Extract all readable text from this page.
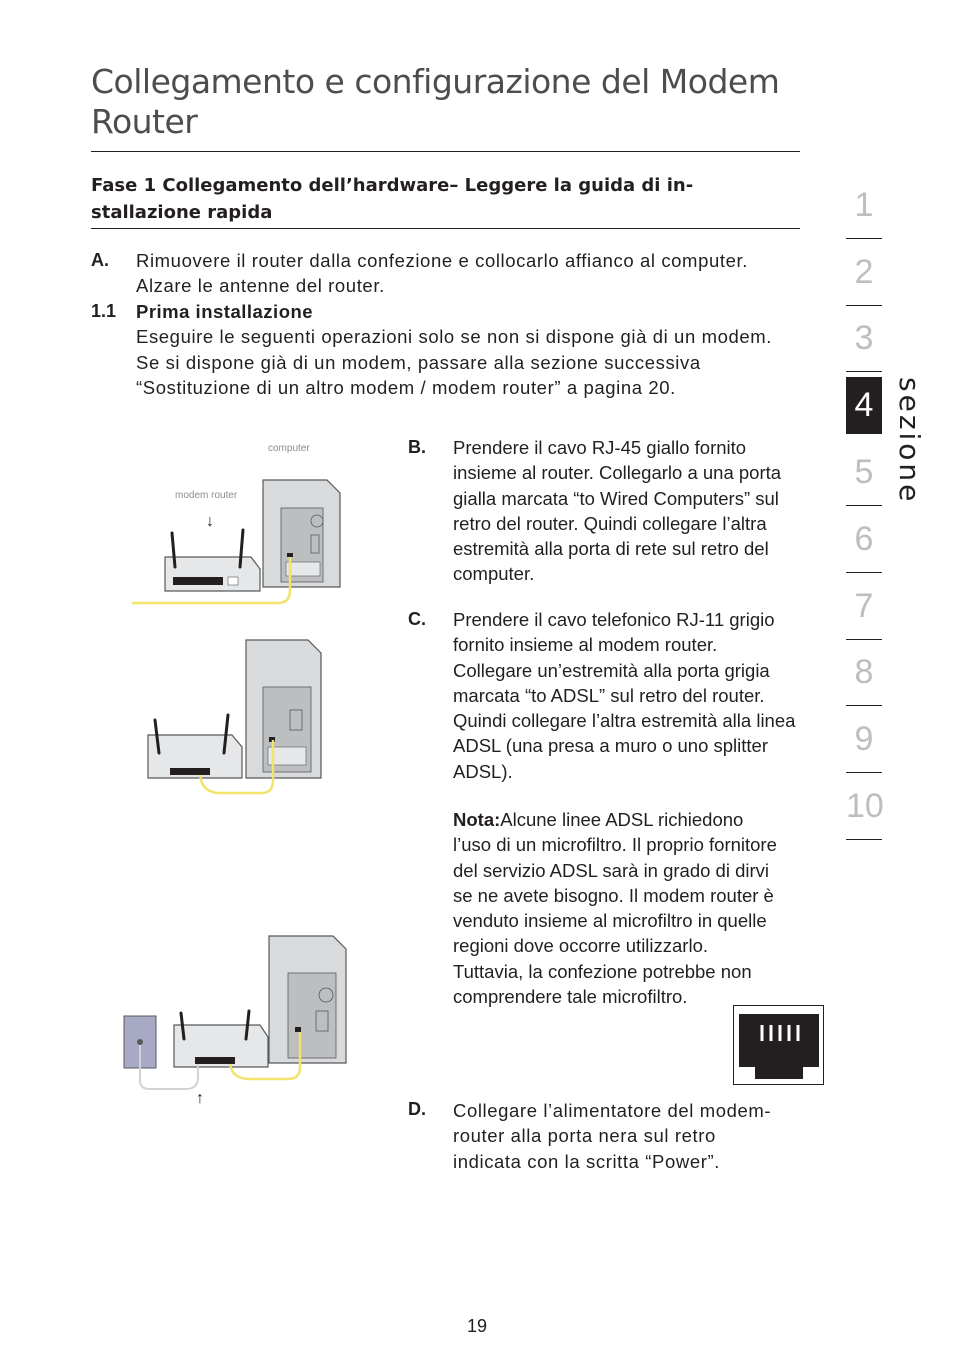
Collegamento e configurazione del Modem Router
Fase 1 Collegamento dell’hardware– Leggere la guida di in-stallazione rapida
A. Rimuovere il router dalla confezione e collocarlo affianco al computer. Alzare le antenne del router.

1.1 Prima installazione
Eseguire le seguenti operazioni solo se non si dispone già di un modem. Se si dispone già di un modem, passare alla sezione successiva “Sostituzione di un altro modem / modem router” a pagina 20.
B. Prendere il cavo RJ-45 giallo fornito insieme al router. Collegarlo a una porta gialla marcata “to Wired Computers” sul retro del router. Quindi collegare l’altra estremità alla porta di rete sul retro del computer.

C. Prendere il cavo telefonico RJ-11 grigio fornito insieme al modem router. Collegare un’estremità alla porta grigia marcata “to ADSL” sul retro del router. Quindi collegare l’altra estremità alla linea ADSL (una presa a muro o uno splitter ADSL).

Nota:Alcune linee ADSL richiedono l’uso di un microfiltro. Il proprio fornitore del servizio ADSL sarà in grado di dirvi se ne avete bisogno. Il modem router è venduto insieme al microfiltro in quelle regioni dove occorre utilizzarlo. Tuttavia, la confezione potrebbe non comprendere tale microfiltro.

D. Collegare l’alimentatore del modem-router alla porta nera sul retro indicata con la scritta “Power”.

computer
modem router
↓
↑
1
2
3
4
5
6
7
8
9
10
sezione
19
